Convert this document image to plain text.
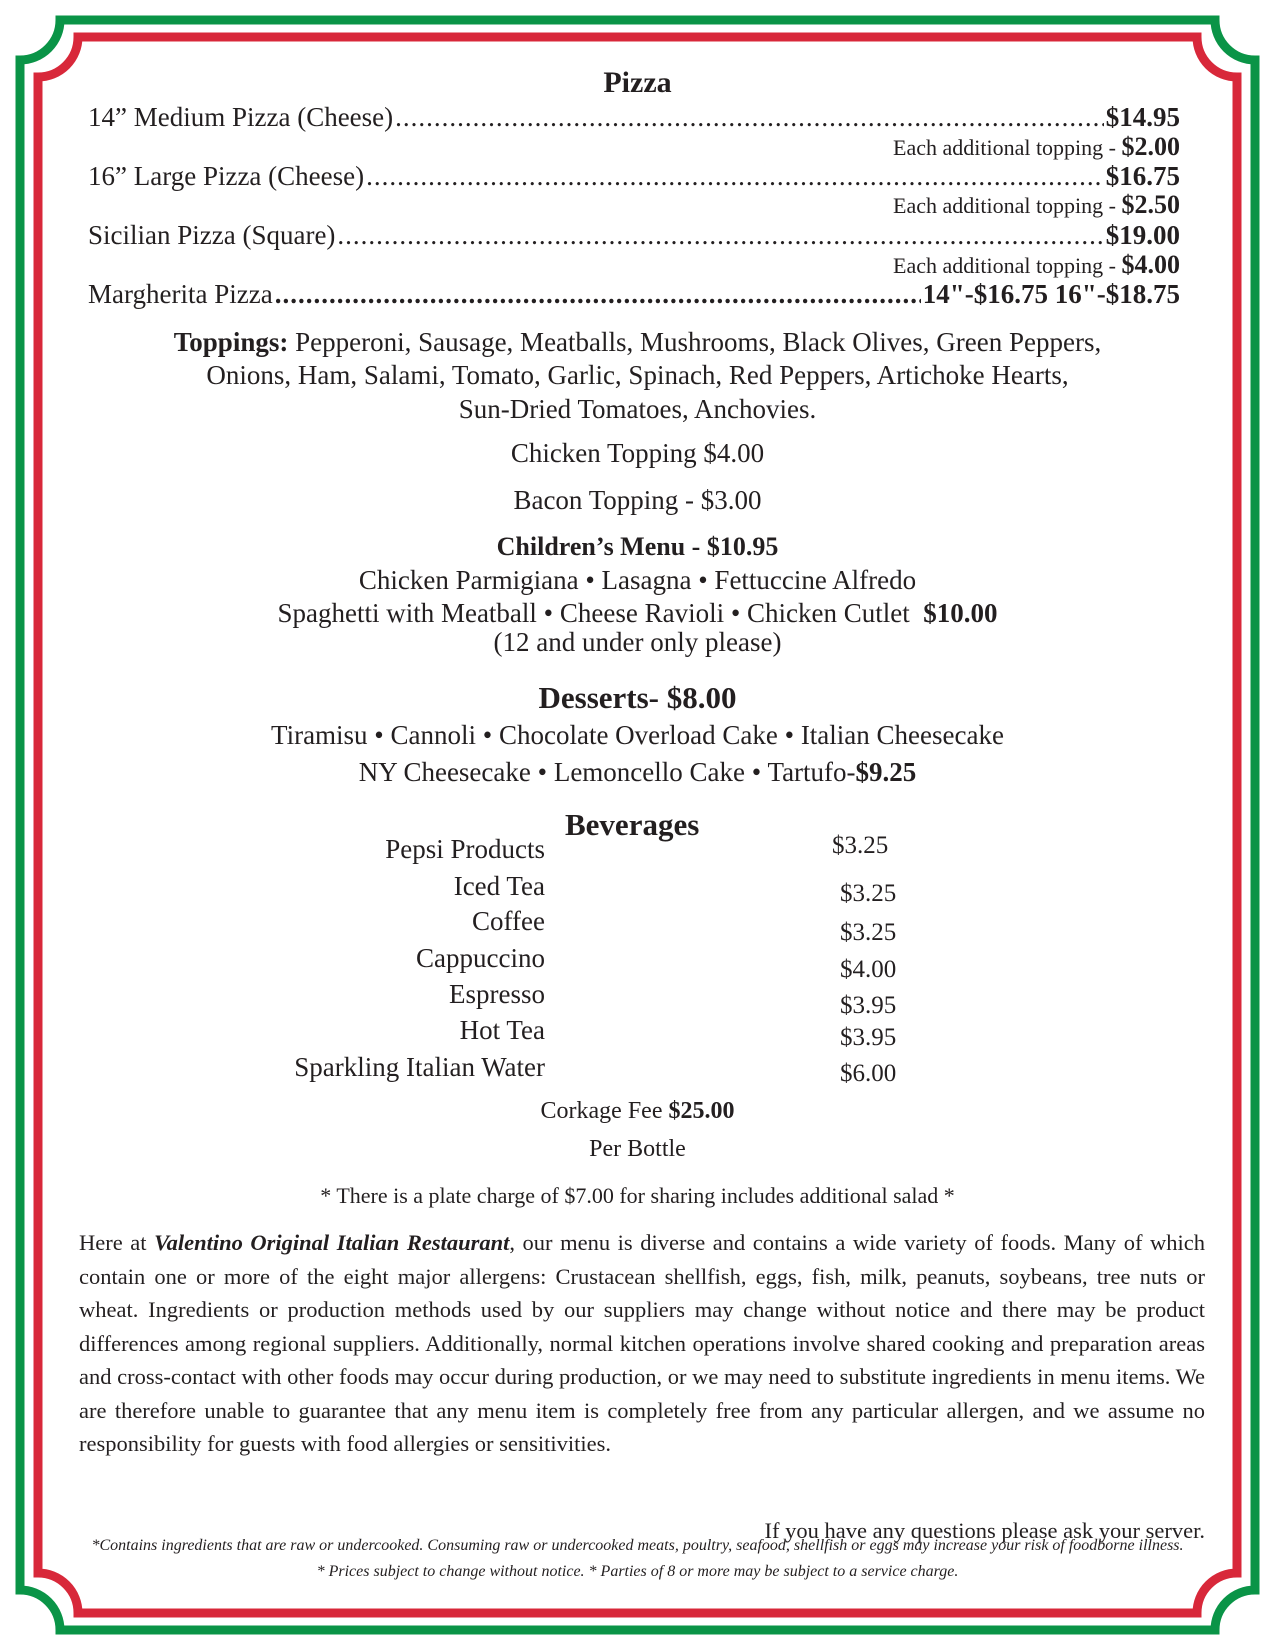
Pizza
14” Medium Pizza (Cheese) .....	$14.95
Each additional topping - $2.00
16” Large Pizza (Cheese) .....	$16.75
Each additional topping - $2.50
Sicilian Pizza (Square) .....	$19.00
Each additional topping - $4.00
Margherita Pizza .....	14"-$16.75 16"-$18.75
Toppings: Pepperoni, Sausage, Meatballs, Mushrooms, Black Olives, Green Peppers,
Onions, Ham, Salami, Tomato, Garlic, Spinach, Red Peppers, Artichoke Hearts,
Sun-Dried Tomatoes, Anchovies.
Chicken Topping $4.00
Bacon Topping - $3.00
Children’s Menu - $10.95
Chicken Parmigiana • Lasagna • Fettuccine Alfredo
Spaghetti with Meatball • Cheese Ravioli • Chicken Cutlet $10.00
(12 and under only please)
Desserts- $8.00
Tiramisu • Cannoli • Chocolate Overload Cake • Italian Cheesecake
NY Cheesecake • Lemoncello Cake • Tartufo-$9.25
Beverages
Pepsi Products	$3.25
Iced Tea	$3.25
Coffee	$3.25
Cappuccino	$4.00
Espresso	$3.95
Hot Tea	$3.95
Sparkling Italian Water	$6.00
Corkage Fee $25.00
Per Bottle
* There is a plate charge of $7.00 for sharing includes additional salad *
Here at Valentino Original Italian Restaurant, our menu is diverse and contains a wide variety of foods. Many of which contain one or more of the eight major allergens: Crustacean shellfish, eggs, fish, milk, peanuts, soybeans, tree nuts or wheat. Ingredients or production methods used by our suppliers may change without notice and there may be product differences among regional suppliers. Additionally, normal kitchen operations involve shared cooking and preparation areas and cross-contact with other foods may occur during production, or we may need to substitute ingredients in menu items. We are therefore unable to guarantee that any menu item is completely free from any particular allergen, and we assume no responsibility for guests with food allergies or sensitivities.
If you have any questions please ask your server.
*Contains ingredients that are raw or undercooked. Consuming raw or undercooked meats, poultry, seafood, shellfish or eggs may increase your risk of foodborne illness.
* Prices subject to change without notice. * Parties of 8 or more may be subject to a service charge.
